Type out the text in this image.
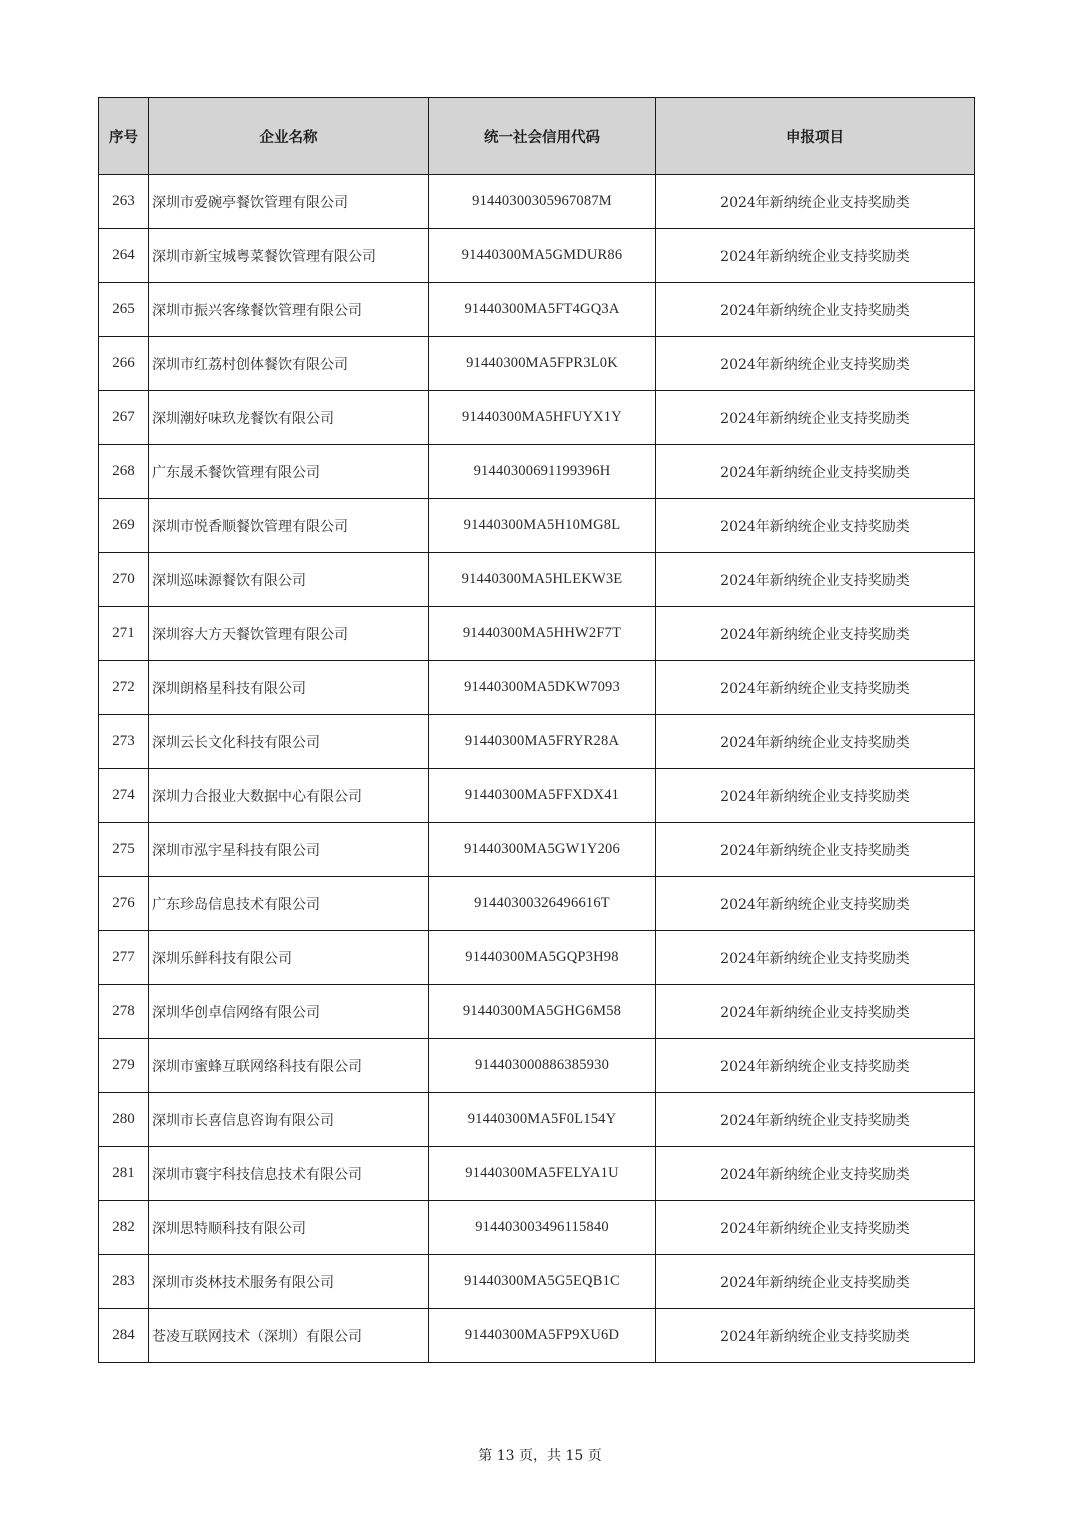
序号	企业名称	统一社会信用代码	申报项目
263	深圳市爱碗亭餐饮管理有限公司	91440300305967087M	2024年新纳统企业支持奖励类
264	深圳市新宝城粤菜餐饮管理有限公司	91440300MA5GMDUR86	2024年新纳统企业支持奖励类
265	深圳市振兴客缘餐饮管理有限公司	91440300MA5FT4GQ3A	2024年新纳统企业支持奖励类
266	深圳市红荔村创体餐饮有限公司	91440300MA5FPR3L0K	2024年新纳统企业支持奖励类
267	深圳潮好味玖龙餐饮有限公司	91440300MA5HFUYX1Y	2024年新纳统企业支持奖励类
268	广东晟禾餐饮管理有限公司	91440300691199396H	2024年新纳统企业支持奖励类
269	深圳市悦香顺餐饮管理有限公司	91440300MA5H10MG8L	2024年新纳统企业支持奖励类
270	深圳巡味源餐饮有限公司	91440300MA5HLEKW3E	2024年新纳统企业支持奖励类
271	深圳容大方天餐饮管理有限公司	91440300MA5HHW2F7T	2024年新纳统企业支持奖励类
272	深圳朗格星科技有限公司	91440300MA5DKW7093	2024年新纳统企业支持奖励类
273	深圳云长文化科技有限公司	91440300MA5FRYR28A	2024年新纳统企业支持奖励类
274	深圳力合报业大数据中心有限公司	91440300MA5FFXDX41	2024年新纳统企业支持奖励类
275	深圳市泓宇星科技有限公司	91440300MA5GW1Y206	2024年新纳统企业支持奖励类
276	广东珍岛信息技术有限公司	91440300326496616T	2024年新纳统企业支持奖励类
277	深圳乐鲜科技有限公司	91440300MA5GQP3H98	2024年新纳统企业支持奖励类
278	深圳华创卓信网络有限公司	91440300MA5GHG6M58	2024年新纳统企业支持奖励类
279	深圳市蜜蜂互联网络科技有限公司	914403000886385930	2024年新纳统企业支持奖励类
280	深圳市长喜信息咨询有限公司	91440300MA5F0L154Y	2024年新纳统企业支持奖励类
281	深圳市寰宇科技信息技术有限公司	91440300MA5FELYA1U	2024年新纳统企业支持奖励类
282	深圳思特顺科技有限公司	914403003496115840	2024年新纳统企业支持奖励类
283	深圳市炎林技术服务有限公司	91440300MA5G5EQB1C	2024年新纳统企业支持奖励类
284	苍凌互联网技术（深圳）有限公司	91440300MA5FP9XU6D	2024年新纳统企业支持奖励类
第 13 页，共 15 页
